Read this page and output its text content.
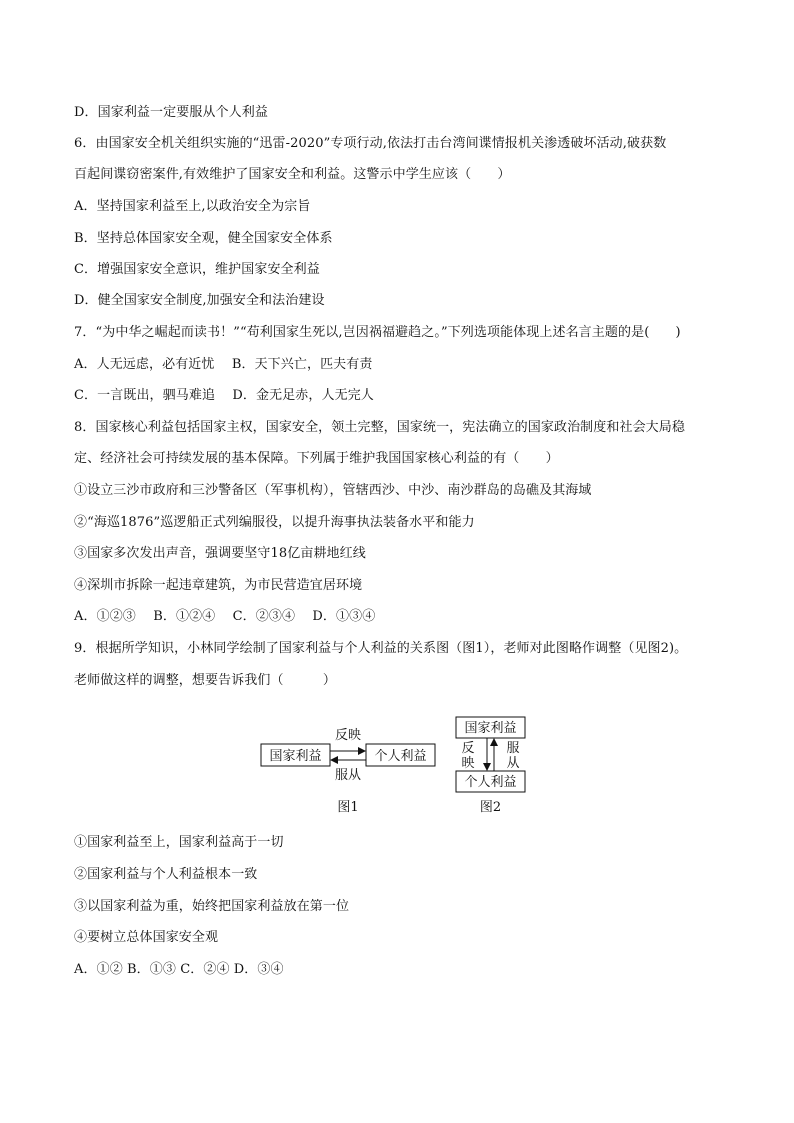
D．国家利益一定要服从个人利益
6．由国家安全机关组织实施的“迅雷-2020”专项行动,依法打击台湾间谍情报机关渗透破坏活动,破获数
百起间谍窃密案件,有效维护了国家安全和利益。这警示中学生应该（　　）
A．坚持国家利益至上,以政治安全为宗旨
B．坚持总体国家安全观，健全国家安全体系
C．增强国家安全意识，维护国家安全利益
D．健全国家安全制度,加强安全和法治建设
7．“为中华之崛起而读书！”“苟利国家生死以,岂因祸福避趋之。”下列选项能体现上述名言主题的是(　　)
A．人无远虑，必有近忧　 B．天下兴亡，匹夫有责
C．一言既出，驷马难追　 D．金无足赤，人无完人
8．国家核心利益包括国家主权，国家安全，领土完整，国家统一，宪法确立的国家政治制度和社会大局稳
定、经济社会可持续发展的基本保障。下列属于维护我国国家核心利益的有（　　）
①设立三沙市政府和三沙警备区（军事机构），管辖西沙、中沙、南沙群岛的岛礁及其海域
②“海巡1876”巡逻船正式列编服役，以提升海事执法装备水平和能力
③国家多次发出声音，强调要坚守18亿亩耕地红线
④深圳市拆除一起违章建筑，为市民营造宜居环境
A．①②③　 B．①②④　 C．②③④　 D．①③④
9．根据所学知识，小林同学绘制了国家利益与个人利益的关系图（图1），老师对此图略作调整（见图2)。
老师做这样的调整，想要告诉我们（　　　）
①国家利益至上，国家利益高于一切
②国家利益与个人利益根本一致
③以国家利益为重，始终把国家利益放在第一位
④要树立总体国家安全观
A．①② B．①③ C．②④ D．③④
国家利益	个人利益
反映
服从
图1
国家利益
个人利益
反
映
服
从
图2
